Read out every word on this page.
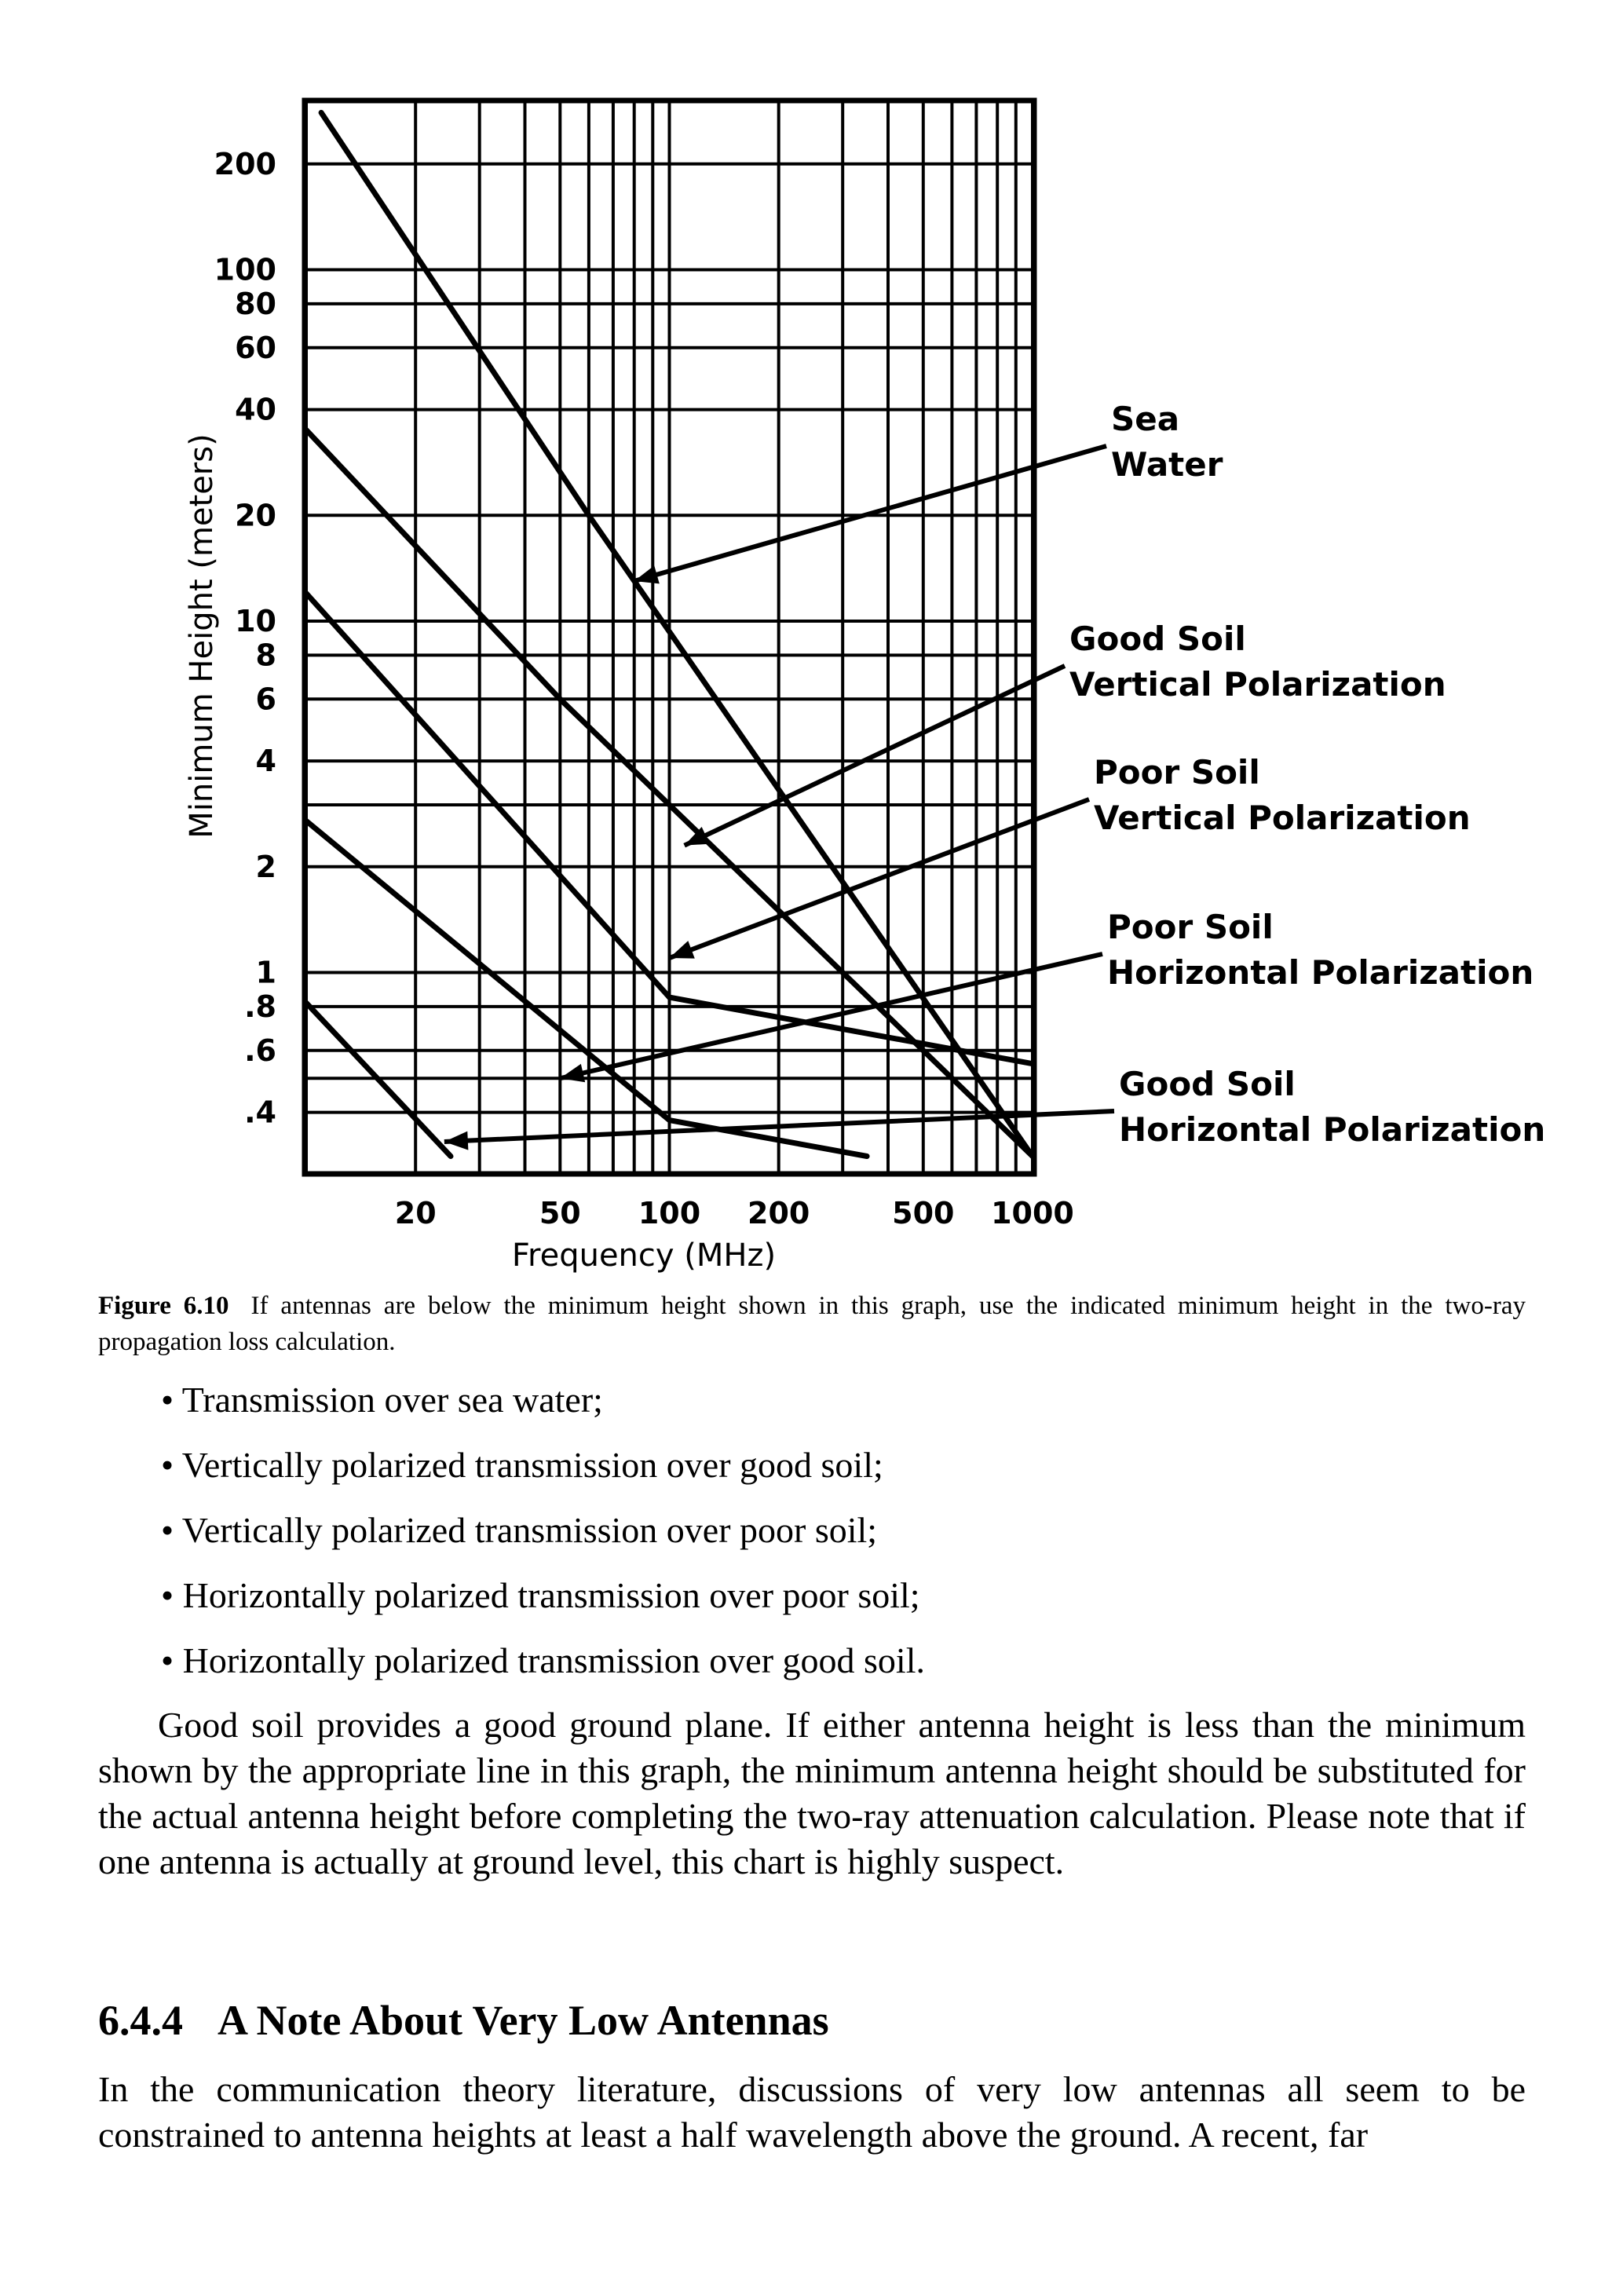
200
100
80
60
40
20
10
8
6
4
2
1
.8
.6
.4
20	50 100 200	500 1000
Sea
Water
Good Soil
Vertical Polarization
Poor Soil
Vertical Polarization
Poor Soil
Horizontal Polarization
Good Soil
Horizontal Polarization
Minimum Height (meters)
Frequency (MHz)
Figure 6.10 If antennas are below the minimum height shown in this graph, use the indicated minimum height in the two-ray propagation loss calculation.
• Transmission over sea water;
• Vertically polarized transmission over good soil;
• Vertically polarized transmission over poor soil;
• Horizontally polarized transmission over poor soil;
• Horizontally polarized transmission over good soil.

Good soil provides a good ground plane. If either antenna height is less than the minimum shown by the appropriate line in this graph, the minimum antenna height should be substituted for the actual antenna height before completing the two-ray attenuation calculation. Please note that if one antenna is actually at ground level, this chart is highly suspect.

6.4.4 A Note About Very Low Antennas

In the communication theory literature, discussions of very low antennas all seem to be constrained to antenna heights at least a half wavelength above the ground. A recent, far
